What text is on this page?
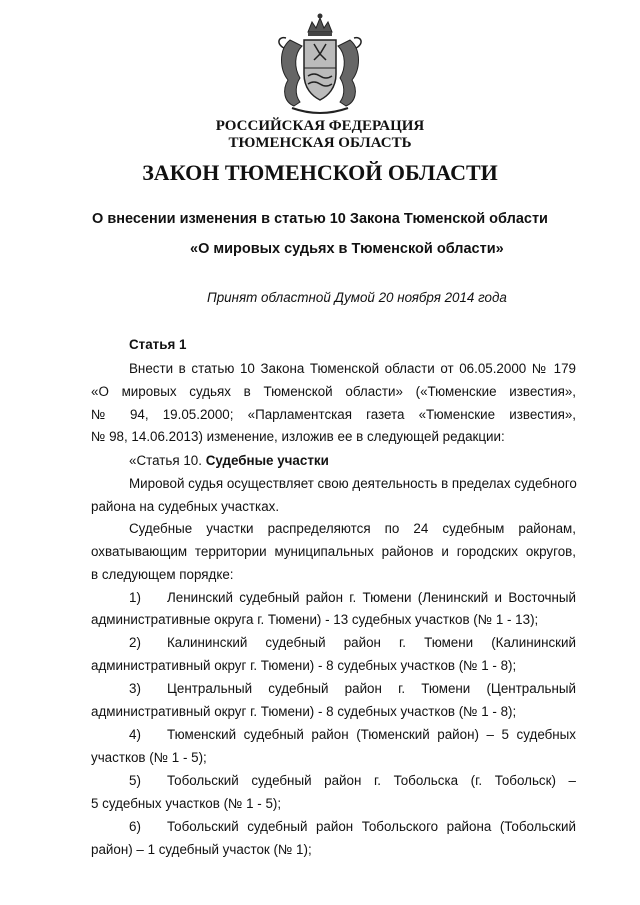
РОССИЙСКАЯ ФЕДЕРАЦИЯ
ТЮМЕНСКАЯ ОБЛАСТЬ
ЗАКОН ТЮМЕНСКОЙ ОБЛАСТИ
О внесении изменения в статью 10 Закона Тюменской области
«О мировых судьях в Тюменской области»
Принят областной Думой 20 ноября 2014 года
Статья 1
Внести в статью 10 Закона Тюменской области от 06.05.2000 № 179
«О мировых судьях в Тюменской области» («Тюменские известия»,
№ 94, 19.05.2000; «Парламентская газета «Тюменские известия»,
№ 98, 14.06.2013) изменение, изложив ее в следующей редакции:
«Статья 10. Судебные участки
Мировой судья осуществляет свою деятельность в пределах судебного
района на судебных участках.
Судебные участки распределяются по 24 судебным районам,
охватывающим территории муниципальных районов и городских округов,
в следующем порядке:
1)	Ленинский судебный район г. Тюмени (Ленинский и Восточный
административные округа г. Тюмени) - 13 судебных участков (№ 1 - 13);
2)	Калининский судебный район г. Тюмени (Калининский
административный округ г. Тюмени) - 8 судебных участков (№ 1 - 8);
3)	Центральный судебный район г. Тюмени (Центральный
административный округ г. Тюмени) - 8 судебных участков (№ 1 - 8);
4)	Тюменский судебный район (Тюменский район) – 5 судебных
участков (№ 1 - 5);
5)	Тобольский судебный район г. Тобольска (г. Тобольск) –
5 судебных участков (№ 1 - 5);
6)	Тобольский судебный район Тобольского района (Тобольский
район) – 1 судебный участок (№ 1);
